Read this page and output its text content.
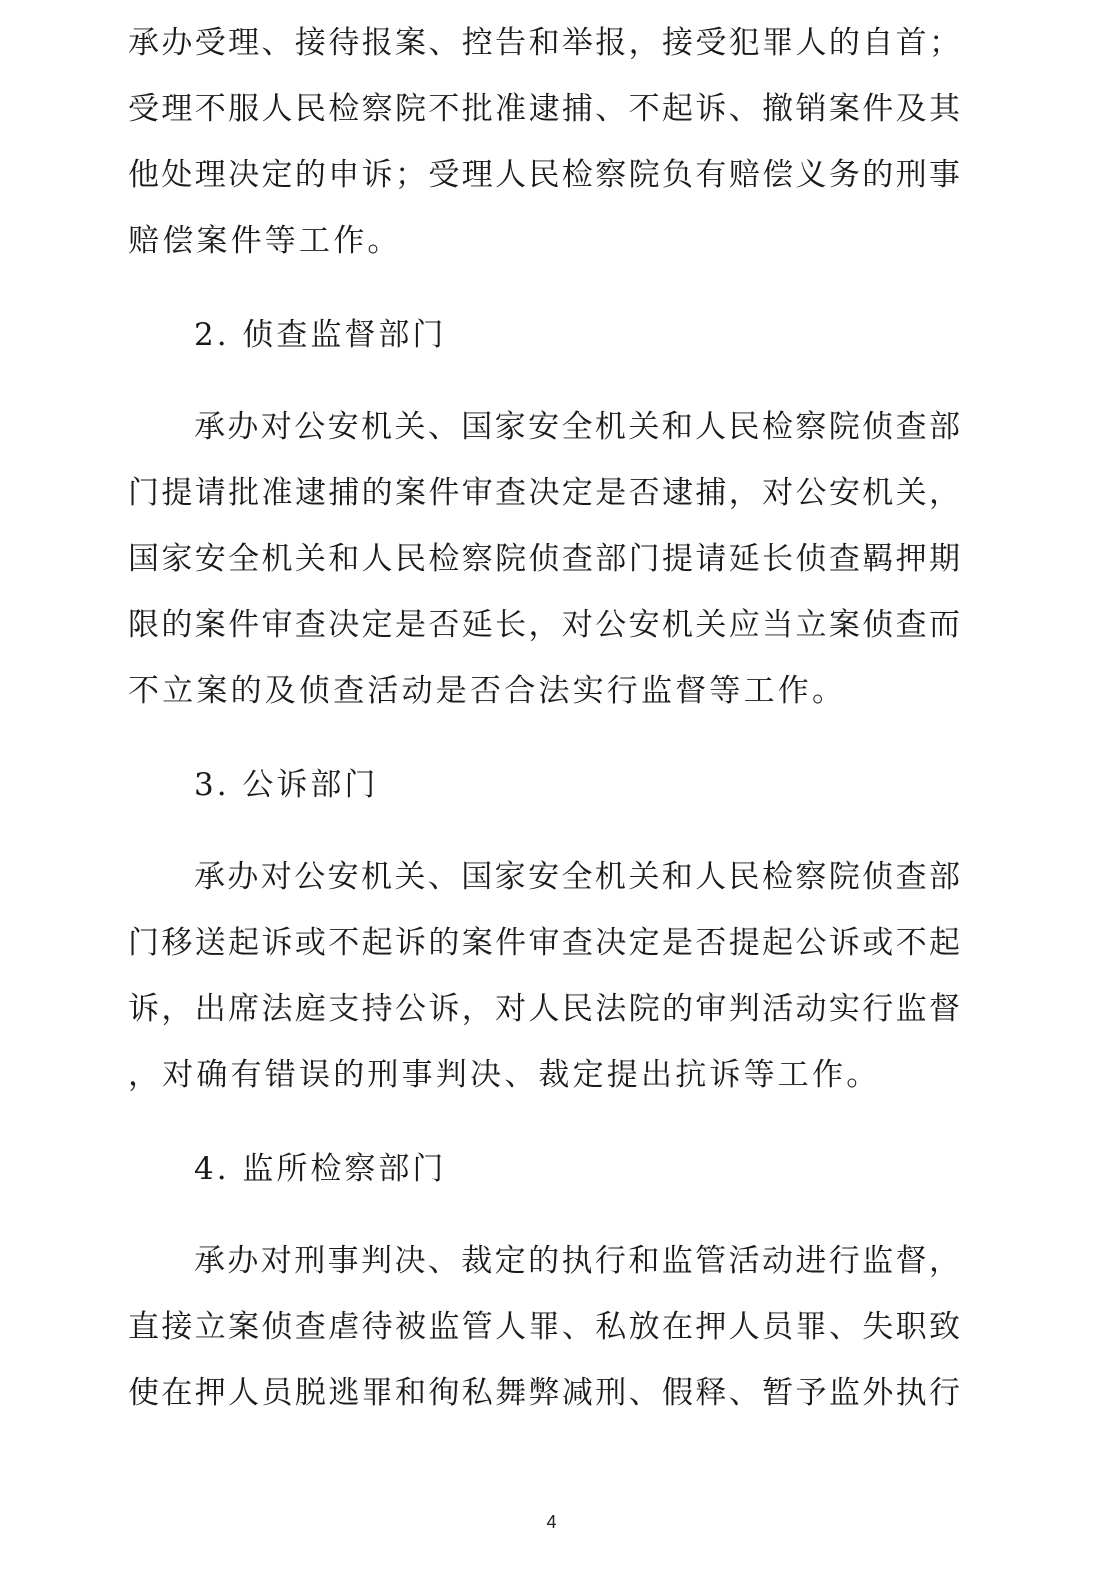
承办受理、接待报案、控告和举报，接受犯罪人的自首；
受理不服人民检察院不批准逮捕、不起诉、撤销案件及其
他处理决定的申诉；受理人民检察院负有赔偿义务的刑事
赔偿案件等工作。
2. 侦查监督部门
承办对公安机关、国家安全机关和人民检察院侦查部
门提请批准逮捕的案件审查决定是否逮捕，对公安机关，
国家安全机关和人民检察院侦查部门提请延长侦查羁押期
限的案件审查决定是否延长，对公安机关应当立案侦查而
不立案的及侦查活动是否合法实行监督等工作。
3. 公诉部门
承办对公安机关、国家安全机关和人民检察院侦查部
门移送起诉或不起诉的案件审查决定是否提起公诉或不起
诉，出席法庭支持公诉，对人民法院的审判活动实行监督
，对确有错误的刑事判决、裁定提出抗诉等工作。
4. 监所检察部门
承办对刑事判决、裁定的执行和监管活动进行监督，
直接立案侦查虐待被监管人罪、私放在押人员罪、失职致
使在押人员脱逃罪和徇私舞弊减刑、假释、暂予监外执行
4
